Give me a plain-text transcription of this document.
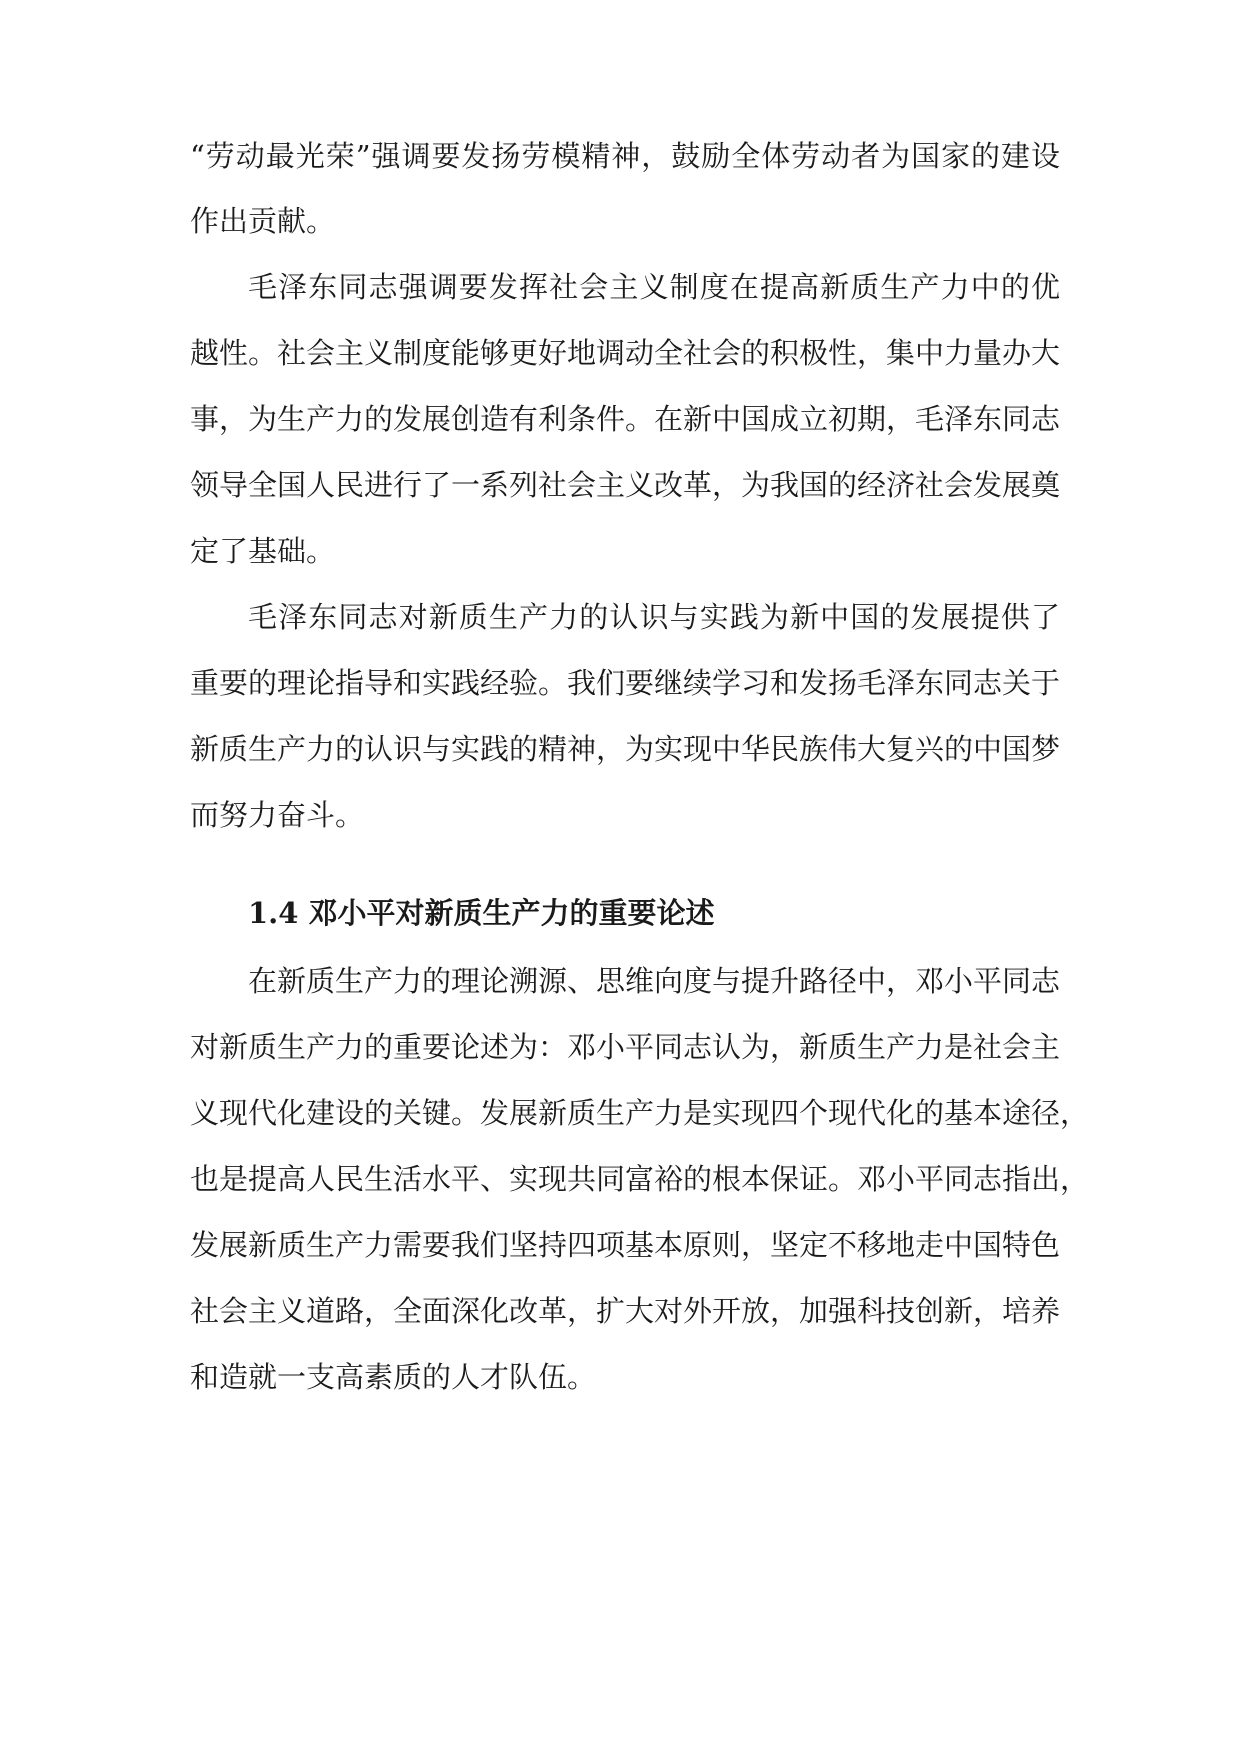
“劳动最光荣”强调要发扬劳模精神，鼓励全体劳动者为国家的建设
作出贡献。
毛泽东同志强调要发挥社会主义制度在提高新质生产力中的优
越性。社会主义制度能够更好地调动全社会的积极性，集中力量办大
事，为生产力的发展创造有利条件。在新中国成立初期，毛泽东同志
领导全国人民进行了一系列社会主义改革，为我国的经济社会发展奠
定了基础。
毛泽东同志对新质生产力的认识与实践为新中国的发展提供了
重要的理论指导和实践经验。我们要继续学习和发扬毛泽东同志关于
新质生产力的认识与实践的精神，为实现中华民族伟大复兴的中国梦
而努力奋斗。
1.4 邓小平对新质生产力的重要论述
在新质生产力的理论溯源、思维向度与提升路径中，邓小平同志
对新质生产力的重要论述为：邓小平同志认为，新质生产力是社会主
义现代化建设的关键。发展新质生产力是实现四个现代化的基本途径，
也是提高人民生活水平、实现共同富裕的根本保证。邓小平同志指出，
发展新质生产力需要我们坚持四项基本原则，坚定不移地走中国特色
社会主义道路，全面深化改革，扩大对外开放，加强科技创新，培养
和造就一支高素质的人才队伍。
